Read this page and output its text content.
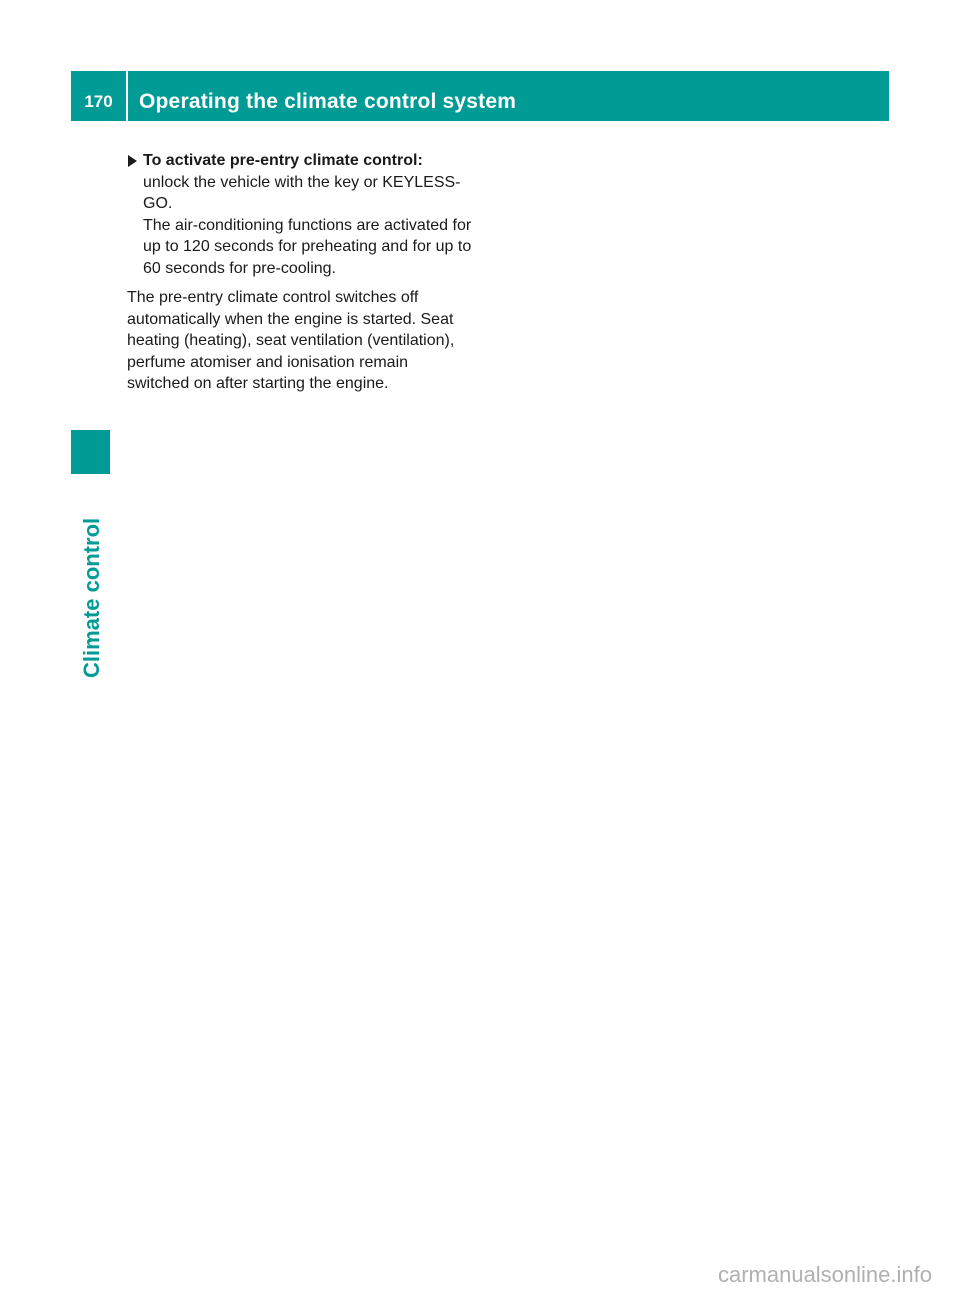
170	Operating the climate control system
Climate control
To activate pre-entry climate control:
unlock the vehicle with the key or KEYLESS-GO.
The air-conditioning functions are activated for up to 120 seconds for preheating and for up to 60 seconds for pre-cooling.
The pre-entry climate control switches off automatically when the engine is started. Seat heating (heating), seat ventilation (ventilation), perfume atomiser and ionisation remain switched on after starting the engine.
carmanualsonline.info
